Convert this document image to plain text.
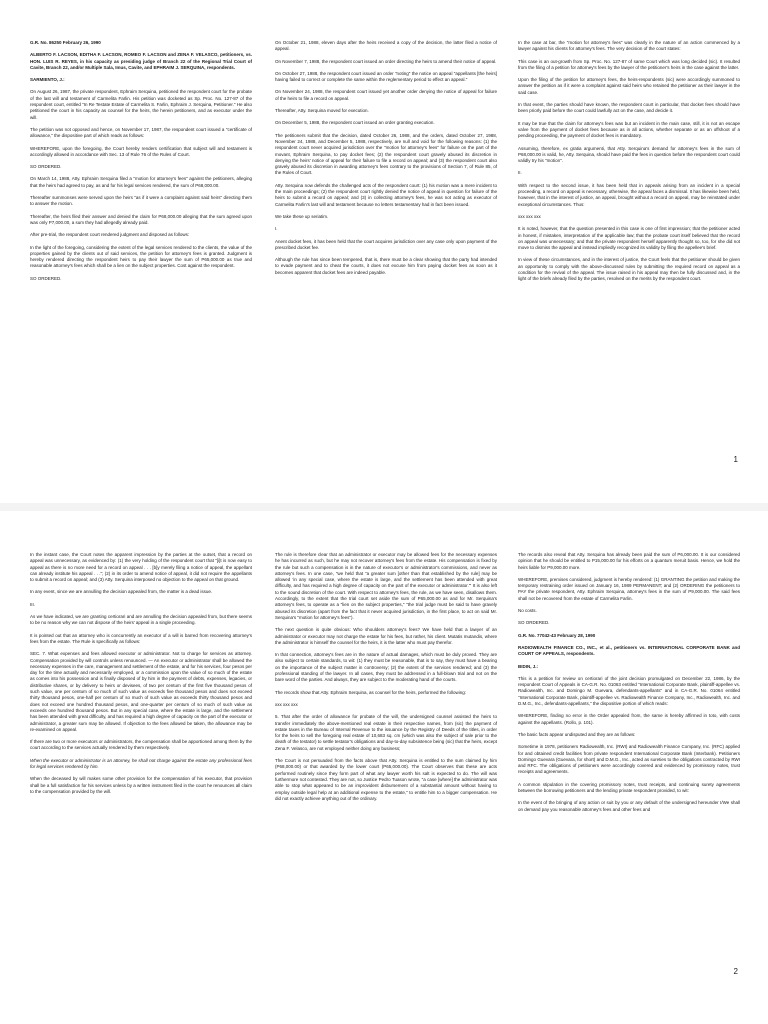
G.R. No. 86250 February 26, 1990

ALBERTO F. LACSON, EDITHA F. LACSON, ROMEO F. LACSON and ZENA F. VELASCO, petitioners, vs. HON. LUIS R. REYES, in his capacity as presiding judge of Branch 22 of the Regional Trial Court of Cavite, Branch 22, and/or Multiple Sala, Imus, Cavite, and EPHRAIM J. SERQUINA, respondents.

SARMIENTO, J.:

On August 26, 1987, the private respondent, Ephraim Serquina, petitioned the respondent court for the probate of the last will and testament of Carmelita Farlin. His petition was docketed as Sp. Proc. No. 127-87 of the respondent court, entitled "In Re Testate Estate of Carmelita S. Farlin, Ephraim J. Serquina, Petitioner." He also petitioned the court in his capacity as counsel for the heirs, the herein petitioners, and as executor under the will.

The petition was not opposed and hence, on November 17, 1987, the respondent court issued a "certificate of allowance," the dispositive part of which reads as follows:

WHEREFORE, upon the foregoing, the Court hereby renders certification that subject will and testament is accordingly allowed in accordance with Sec. 13 of Rule 76 of the Rules of Court.

SO ORDERED.

On March 14, 1988, Atty. Ephraim Serquina filed a "motion for attorney's fees" against the petitioners, alleging that the heirs had agreed to pay, as and for his legal services rendered, the sum of P68,000.00.

Thereafter summonses were served upon the heirs "as if it were a complaint against said heirs" directing them to answer the motion.

Thereafter, the heirs filed their answer and denied the claim for P68,000.00 alleging that the sum agreed upon was only P7,000.00, a sum they had allegedly already paid.

After pre-trial, the respondent court rendered judgment and disposed as follows:

In the light of the foregoing, considering the extent of the legal services rendered to the clients, the value of the properties gained by the clients out of said services, the petition for attorney's fees is granted. Judgment is hereby rendered directing the respondent heirs to pay their lawyer the sum of P65,000.00 as true and reasonable attorney's fees which shall be a lien on the subject properties. Cost against the respondent.

SO ORDERED.

On October 21, 1988, eleven days after the heirs received a copy of the decision, the latter filed a notice of appeal.

On November 7, 1988, the respondent court issued an order directing the heirs to amend their notice of appeal.

On October 27, 1988, the respondent court issued an order "noting" the notice on appeal "appellants [the heirs] having failed to correct or complete the same within the reglementary period to effect an appeal."

On November 24, 1988, the respondent court issued yet another order denying the notice of appeal for failure of the heirs to file a record on appeal.

Thereafter, Atty. Serquina moved for execution.

On December 5, 1988, the respondent court issued an order granting execution.

The petitioners submit that the decision, dated October 26, 1988, and the orders, dated October 27, 1988, November 24, 1988, and December 5, 1988, respectively, are null and void for the following reasons: (1) the respondent court never acquired jurisdiction over the "motion for attorney's fees" for failure on the part of the movant, Ephraim Serquina, to pay docket fees; (2) the respondent court gravely abused its discretion in denying the heirs' notice of appeal for their failure to file a record on appeal; and (3) the respondent court also gravely abused its discretion in awarding attorney's fees contrary to the provisions of Section 7, of Rule 85, of the Rules of Court.

Atty. Serquina now defends the challenged acts of the respondent court: (1) his motion was a mere incident to the main proceedings; (2) the respondent court rightly denied the notice of appeal in question for failure of the heirs to submit a record on appeal; and (3) in collecting attorney's fees, he was not acting as executor of Carmelita Farlin's last will and testament because no letters testamentary had in fact been issued.

We take these up seriatim.

I.

Anent docket fees, it has been held that the court acquires jurisdiction over any case only upon payment of the prescribed docket fee.

Although the rule has since been tempered, that is, there must be a clear showing that the party had intended to evade payment and to cheat the courts, it does not excuse him from paying docket fees as soon as it becomes apparent that docket fees are indeed payable.

In the case at bar, the "motion for attorney's fees" was clearly in the nature of an action commenced by a lawyer against his clients for attorney's fees. The very decision of the court states:

This case is an out-growth from Sp. Proc. No. 127-87 of same Court which was long decided (sic). It resulted from the filing of a petition for attorney's fees by the lawyer of the petitioner's heirs in the case against the latter.

Upon the filing of the petition for attorney's fees, the heirs-respondents (sic) were accordingly summoned to answer the petition as if it were a complaint against said heirs who retained the petitioner as their lawyer in the said case.

In that event, the parties should have known, the respondent court in particular, that docket fees should have been priorly paid before the court could lawfully act on the case, and decide it.

It may be true that the claim for attorney's fees was but an incident in the main case, still, it is not an escape valve from the payment of docket fees because as in all actions, whether separate or as an offshoot of a pending proceeding, the payment of docket fees is mandatory.

Assuming, therefore, ex gratia argumenti, that Atty. Serquina's demand for attorney's fees in the sum of P68,000.00 is valid, he, Atty. Serquina, should have paid the fees in question before the respondent court could validly try his "motion".

II.

With respect to the second issue, it has been held that in appeals arising from an incident in a special proceeding, a record on appeal is necessary, otherwise, the appeal faces a dismissal. It has likewise been held, however, that in the interest of justice, an appeal, brought without a record on appeal, may be reinstated under exceptional circumstances. Thus:

xxx xxx xxx

It is noted, however, that the question presented in this case is one of first impression; that the petitioner acted in honest, if mistaken, interpretation of the applicable law; that the probate court itself believed that the record on appeal was unnecessary; and that the private respondent herself apparently thought so, too, for she did not move to dismiss the appeal and instead impliedly recognized its validity by filing the appellee's brief.

In view of these circumstances, and in the interest of justice, the Court feels that the petitioner should be given an opportunity to comply with the above-discussed rules by submitting the required record on appeal as a condition for the revival of the appeal. The issue raised in his appeal may then be fully discussed and, in the light of the briefs already filed by the parties, resolved on the merits by the respondent court.

1

In the instant case, the Court notes the apparent impression by the parties at the outset, that a record on appeal was unnecessary, as evidenced by: (1) the very holding of the respondent court that "[i]t is now easy to appeal as there is no more need for a record on appeal . . . [b]y merely filing a notice of appeal, the appellant can already institute his appeal . . ."; (2) in its order to amend notice of appeal, it did not require the appellants to submit a record on appeal; and (3) Atty. Serquina interposed no objection to the appeal on that ground.

In any event, since we are annulling the decision appealed from, the matter is a dead issue.

III.

As we have indicated, we are granting certiorari and are annulling the decision appealed from, but there seems to be no reason why we can not dispose of the heirs' appeal in a single proceeding.

It is pointed out that an attorney who is concurrently an executor of a will is barred from recovering attorney's fees from the estate. The Rule is specifically as follows:

SEC. 7. What expenses and fees allowed executor or administrator. Not to charge for services as attorney. Compensation provided by will controls unless renounced. — An executor or administrator shall be allowed the necessary expenses in the care, management and settlement of the estate, and for his services, four pesos per day for the time actually and necessarily employed, or a commission upon the value of so much of the estate as comes into his possession and is finally disposed of by him in the payment of debts, expenses, legacies, or distributive shares, or by delivery to heirs or devisees, of two per centum of the first five thousand pesos of such value, one per centum of so much of such value as exceeds five thousand pesos and does not exceed thirty thousand pesos, one-half per centum of so much of such value as exceeds thirty thousand pesos and does not exceed one hundred thousand pesos, and one-quarter per centum of so much of such value as exceeds one hundred thousand pesos. But in any special case, where the estate is large, and the settlement has been attended with great difficulty, and has required a high degree of capacity on the part of the executor or administrator, a greater sum may be allowed. If objection to the fees allowed be taken, the allowance may be re-examined on appeal.

If there are two or more executors or administrators, the compensation shall be apportioned among them by the court according to the services actually rendered by them respectively.

When the executor or administrator is an attorney, he shall not charge against the estate any professional fees for legal services rendered by him.

When the deceased by will makes some other provision for the compensation of his executor, that provision shall be a full satisfaction for his services unless by a written instrument filed in the court he renounces all claim to the compensation provided by the will.

The rule is therefore clear that an administrator or executor may be allowed fees for the necessary expenses he has incurred as such, but he may not recover attorney's fees from the estate. His compensation is fixed by the rule but such a compensation is in the nature of executor's or administrator's commissions, and never as attorney's fees. In one case, "we held that "a greater sum [other than that established by the rule] may be allowed 'in any special case, where the estate is large, and the settlement has been attended with great difficulty, and has required a high degree of capacity on the part of the executor or administrator.'" It is also left to the sound discretion of the court. With respect to attorney's fees, the rule, as we have seen, disallows them. Accordingly, to the extent that the trial court set aside the sum of P65,000.00 as and for Mr. Serquina's attorney's fees, to operate as a "lien on the subject properties," "the trial judge must be said to have gravely abused its discretion (apart from the fact that it never acquired jurisdiction, in the first place, to act on said Mr. Serquina's "motion for attorney's fees").

The next question is quite obvious: Who shoulders attorney's fees? We have held that a lawyer of an administrator or executor may not charge the estate for his fees, but rather, his client. Mutatis mutandis, where the administrator is himself the counsel for the heirs, it is the latter who must pay therefor.

In that connection, attorney's fees are in the nature of actual damages, which must be duly proved. They are also subject to certain standards, to wit: (1) they must be reasonable, that is to say, they must have a bearing on the importance of the subject matter in controversy; (2) the extent of the services rendered; and (3) the professional standing of the lawyer. In all cases, they must be addressed in a full-blown trial and not on the bare word of the parties. And always, they are subject to the moderating hand of the courts.

The records show that Atty. Ephraim Serquina, as counsel for the heirs, performed the following:

xxx xxx xxx

5. That after the order of allowance for probate of the will, the undersigned counsel assisted the heirs to transfer immediately the above-mentioned real estate in their respective names, from (sic) the payment of estate taxes in the Bureau of Internal Revenue to the issuance by the Registry of Deeds of the titles, in order for the heirs to sell the foregoing real estate of 10,683 sq. cm (which was also the subject of sale prior to the death of the testator) to settle testator's obligations and day-to-day subsistence being (sic) that the heirs, except Zena F. Velasco, are not employed neither doing any business;

The Court is not persuaded from the facts above that Atty. Serquina is entitled to the sum claimed by him (P68,000.00) or that awarded by the lower court (P65,000.00). The Court observes that these are acts performed routinely since they form part of what any lawyer worth his salt is expected to do. The will was furthermore not contested. They are not, so Justice Pedro Tuason wrote, "a case [where] the administrator was able to stop what appeared to be an improvident disbursement of a substantial amount without having to employ outside legal help at an additional expense to the estate," to entitle him to a bigger compensation. He did not exactly achieve anything out of the ordinary.

The records also reveal that Atty. Serquina has already been paid the sum of P6,000.00. It is our considered opinion that he should be entitled to P15,000.00 for his efforts on a quantum meruit basis. Hence, we hold the heirs liable for P9,000.00 more.

WHEREFORE, premises considered, judgment is hereby rendered: (1) GRANTING the petition and making the temporary restraining order issued on January 16, 1989 PERMANENT; and (2) ORDERING the petitioners to PAY the private respondent, Atty. Ephraim Serquina, attorney's fees in the sum of P9,000.00. The said fees shall not be recovered from the estate of Carmelita Farlin.

No costs.

SO ORDERED.

G.R. No. 77042-43 February 28, 1990

RADIOWEALTH FINANCE CO., INC., et al., petitioners vs. INTERNATIONAL CORPORATE BANK and COURT OF APPEALS, respondents.

BIDIN, J.:

This is a petition for review on certiorari of the joint decision promulgated on December 22, 1986, by the respondent Court of Appeals in CA-G.R. No. 01063 entitled "International Corporate Bank, plaintiff-appellee vs. Radiowealth, Inc. and Domingo M. Guevara, defendants-appellants" and in CA-G.R. No. 01064 entitled "International Corporate Bank, plaintiff-appellee vs. Radiowealth Finance Company, Inc., Radiowealth, Inc. and D.M.G., Inc., defendants-appellants," the dispositive portion of which reads:

WHEREFORE, finding no error in the Order appealed from, the same is hereby affirmed in toto, with costs against the appellants. (Rollo, p. 101).

The basic facts appear undisputed and they are as follows:

Sometime in 1978, petitioners Radiowealth, Inc. (RWI) and Radiowealth Finance Company, Inc. (RFC) applied for and obtained credit facilities from private respondent International Corporate Bank (Interbank). Petitioners Domingo Guevara (Guevara, for short) and D.M.G., Inc., acted as sureties to the obligations contracted by RWI and RFC. The obligations of petitioners were accordingly covered and evidenced by promissory notes, trust receipts and agreements.

A common stipulation in the covering promissory notes, trust receipts, and continuing surety agreements between the borrowing petitioners and the lending private respondent provided, to wit:

In the event of the bringing of any action or suit by you or any default of the undersigned hereunder I/We shall on demand pay you reasonable attorney's fees and other fees and

2
